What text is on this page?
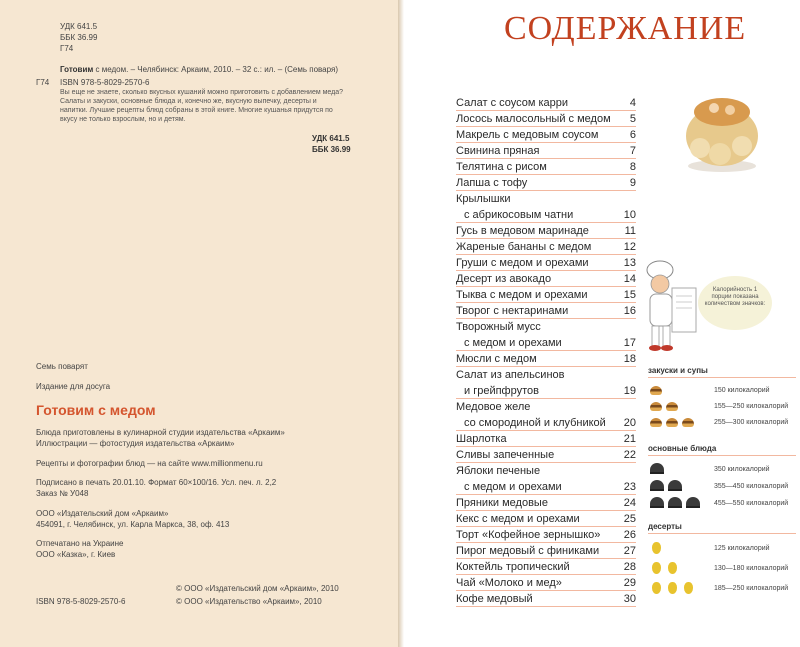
УДК 641.5
ББК 36.99
Г74
Готовим с медом. – Челябинск: Аркаим, 2010. – 32 с.: ил. – (Семь поваря)
Г74 ISBN 978-5-8029-2570-6
Вы еще не знаете, сколько вкусных кушаний можно приготовить с добавлением меда? Салаты и закуски, основные блюда и, конечно же, вкусную выпечку, десерты и напитки. Лучшие рецепты блюд собраны в этой книге. Многие кушанья придутся по вкусу не только взрослым, но и детям.
УДК 641.5
ББК 36.99
Семь поварят
Издание для досуга
Готовим с медом
Блюда приготовлены в кулинарной студии издательства «Аркаим»
Иллюстрации — фотостудия издательства «Аркаим»
Рецепты и фотографии блюд — на сайте www.millionmenu.ru
Подписано в печать 20.01.10. Формат 60×100/16. Усл. печ. л. 2,2
Заказ № У048
ООО «Издательский дом «Аркаим»
454091, г. Челябинск, ул. Карла Маркса, 38, оф. 413
Отпечатано на Украине
ООО «Казка», г. Киев
ISBN 978-5-8029-2570-6
© ООО «Издательский дом «Аркаим», 2010
© ООО «Издательство «Аркаим», 2010
СОДЕРЖАНИЕ
Салат с соусом карри	4
Лосось малосольный с медом 5
Макрель с медовым соусом	6
Свинина пряная	7
Телятина с рисом	8
Лапша с тофу	9
Крылышки
с абрикосовым чатни	10
Гусь в медовом маринаде	11
Жареные бананы с медом	12
Груши с медом и орехами	13
Десерт из авокадо	14
Тыква с медом и орехами	15
Творог с нектаринами	16
Творожный мусс
с медом и орехами	17
Мюсли с медом	18
Салат из апельсинов
и грейпфрутов	19
Медовое желе
со смородиной и клубникой 20
Шарлотка	21
Сливы запеченные	22
Яблоки печеные
с медом и орехами	23
Пряники медовые	24
Кекс с медом и орехами	25
Торт «Кофейное зернышко» 26
Пирог медовый с финиками 27
Коктейль тропический	28
Чай «Молоко и мед»	29
Кофе медовый	30
Калорийность 1 порции показана количеством значков:
закуски и супы
150 килокалорий
155—250 килокалорий
255—300 килокалорий
основные блюда
350 килокалорий
355—450 килокалорий
455—550 килокалорий
десерты
125 килокалорий
130—180 килокалорий
185—250 килокалорий
